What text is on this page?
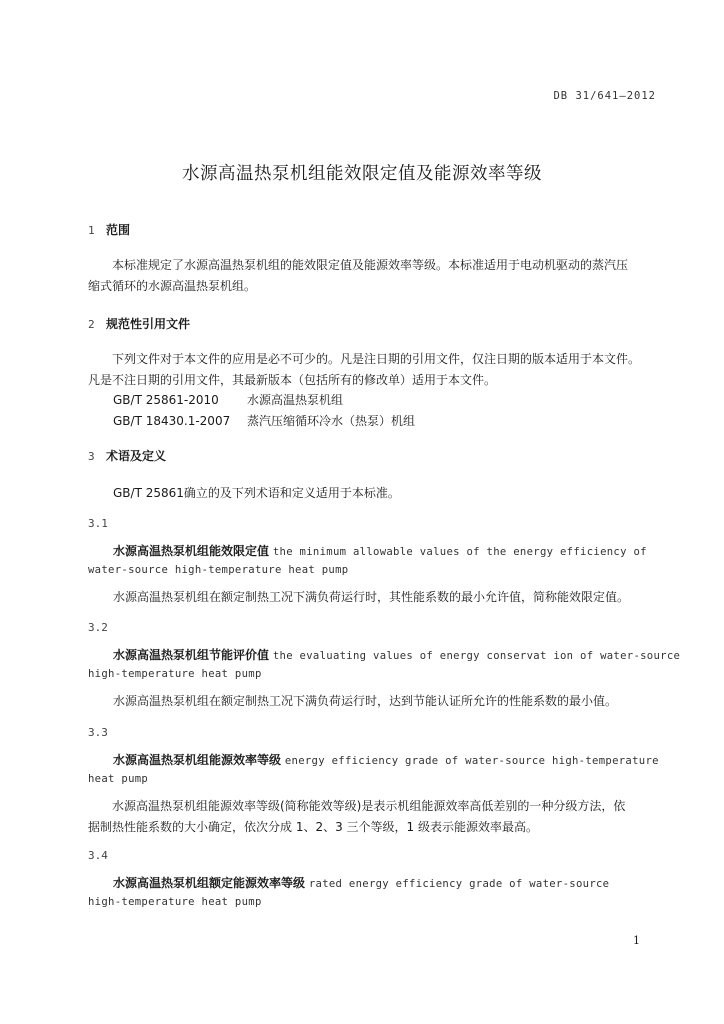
DB 31/641—2012
水源高温热泵机组能效限定值及能源效率等级
1 范围
本标准规定了水源高温热泵机组的能效限定值及能源效率等级。本标准适用于电动机驱动的蒸汽压
缩式循环的水源高温热泵机组。
2 规范性引用文件
下列文件对于本文件的应用是必不可少的。凡是注日期的引用文件，仅注日期的版本适用于本文件。
凡是不注日期的引用文件，其最新版本（包括所有的修改单）适用于本文件。
GB/T 25861-2010 水源高温热泵机组
GB/T 18430.1-2007 蒸汽压缩循环冷水（热泵）机组
3 术语及定义
GB/T 25861确立的及下列术语和定义适用于本标准。
3.1
水源高温热泵机组能效限定值 the minimum allowable values of the energy efficiency of
water-source high-temperature heat pump
水源高温热泵机组在额定制热工况下满负荷运行时，其性能系数的最小允许值，简称能效限定值。
3.2
水源高温热泵机组节能评价值 the evaluating values of energy conservat ion of water-source
high-temperature heat pump
水源高温热泵机组在额定制热工况下满负荷运行时，达到节能认证所允许的性能系数的最小值。
3.3
水源高温热泵机组能源效率等级 energy efficiency grade of water-source high-temperature
heat pump
水源高温热泵机组能源效率等级(简称能效等级)是表示机组能源效率高低差别的一种分级方法，依
据制热性能系数的大小确定，依次分成 1、2、3 三个等级，1 级表示能源效率最高。
3.4
水源高温热泵机组额定能源效率等级 rated energy efficiency grade of water-source
high-temperature heat pump
1
